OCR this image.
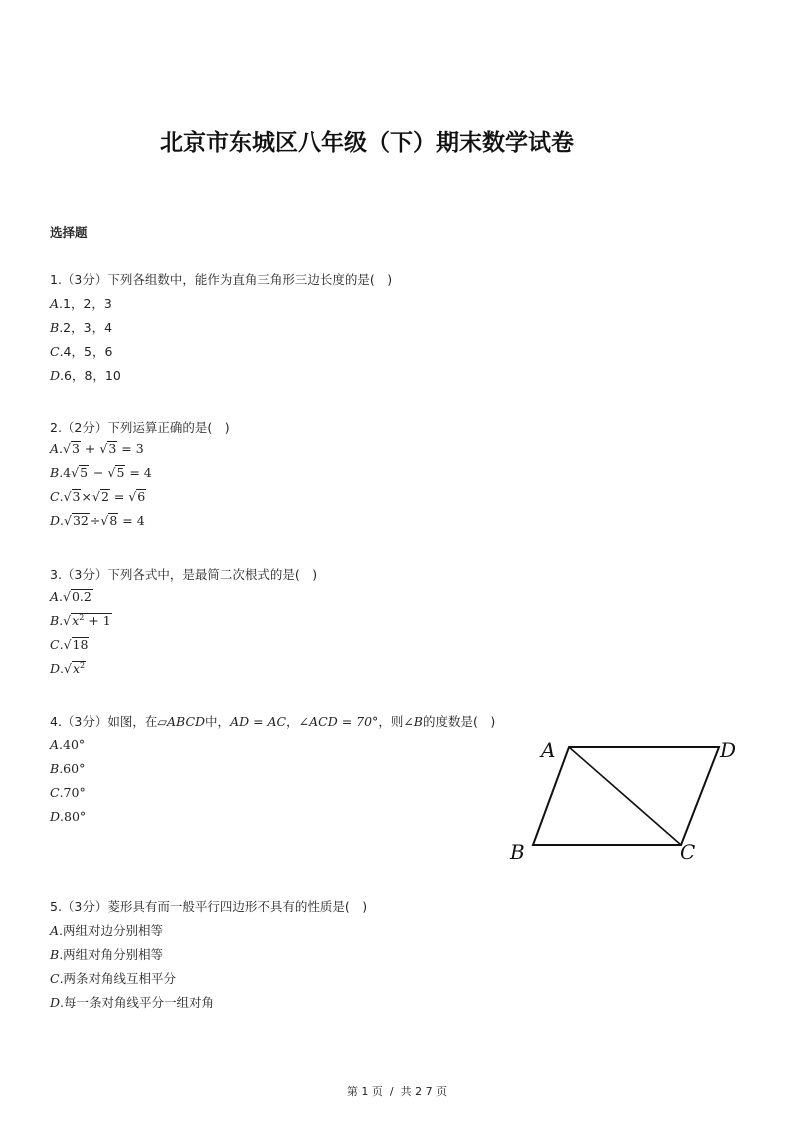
北京市东城区八年级（下）期末数学试卷
选择题
1.（3分）下列各组数中，能作为直角三角形三边长度的是(　)
A.1，2，3
B.2，3，4
C.4，5，6
D.6，8，10
2.（2分）下列运算正确的是(　)
A.√3 + √3 = 3
B.4√5 − √5 = 4
C.√3×√2 = √6
D.√32÷√8 = 4
3.（3分）下列各式中，是最简二次根式的是(　)
A.√0.2
$B.√x^2 + 1$
C.√18
$D.√x^2$
4.（3分）如图，在▱ABCD中，AD = AC，∠ACD = 70°，则∠B的度数是(　)
A.40°
B.60°
C.70°
D.80°
A	D
B	C
5.（3分）菱形具有而一般平行四边形不具有的性质是(　)
A.两组对边分别相等
B.两组对角分别相等
C.两条对角线互相平分
D.每一条对角线平分一组对角
第 1 页  /  共 2 7 页
